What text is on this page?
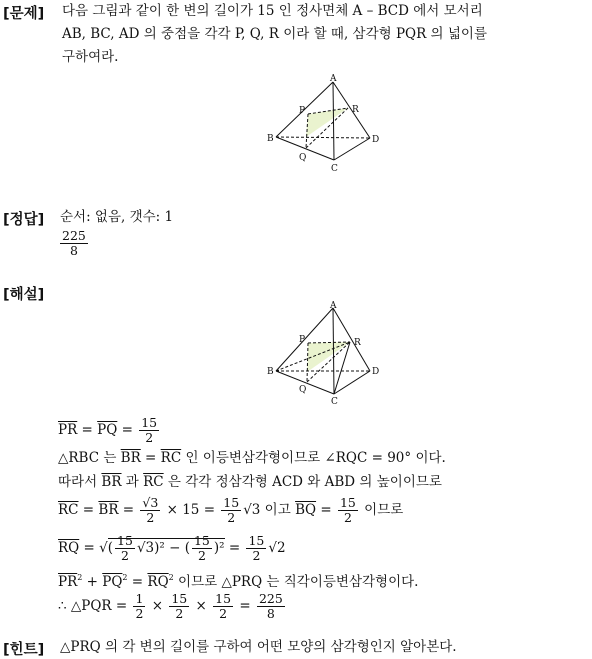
[문제] 다음 그림과 같이 한 변의 길이가 15 인 정사면체 A – BCD 에서 모서리
AB, BC, AD 의 중점을 각각 P, Q, R 이라 할 때, 삼각형 PQR 의 넓이를
구하여라.
A
P	R
B	D
Q
C
[정답] 순서: 없음, 갯수: 1
$\frac{225}{8}$
[해설]
A
P	R
B	D
Q
C
$\overline{PR} = \overline{PQ} = \frac{15}{2}$
△RBC 는 $\overline{BR} = \overline{RC}$ 인 이등변삼각형이므로 ∠RQC = 90° 이다.
따라서 $\overline{BR}$ 과 $\overline{RC}$ 은 각각 정삼각형 ACD 와 ABD 의 높이이므로
$\overline{RC} = \overline{BR} = \frac{√3}{2} \times 15 = \frac{15}{2} √3$ 이고 $\overline{BQ} = \frac{15}{2}$ 이므로
$\overline{RQ}$ = √( $\frac{15}{2} √3)^2$ − ( $\frac{15}{2} )^2 = \frac{15}{2} √2$
$\overline{PR}^2 + \overline{PQ}^2 = \overline{RQ}^2$ 이므로 △PRQ 는 직각이등변삼각형이다.
∴ △PQR = $\frac{1}{2} \times \frac{15}{2} \times \frac{15}{2} = \frac{225}{8}$
[힌트] △PRQ 의 각 변의 길이를 구하여 어떤 모양의 삼각형인지 알아본다.
